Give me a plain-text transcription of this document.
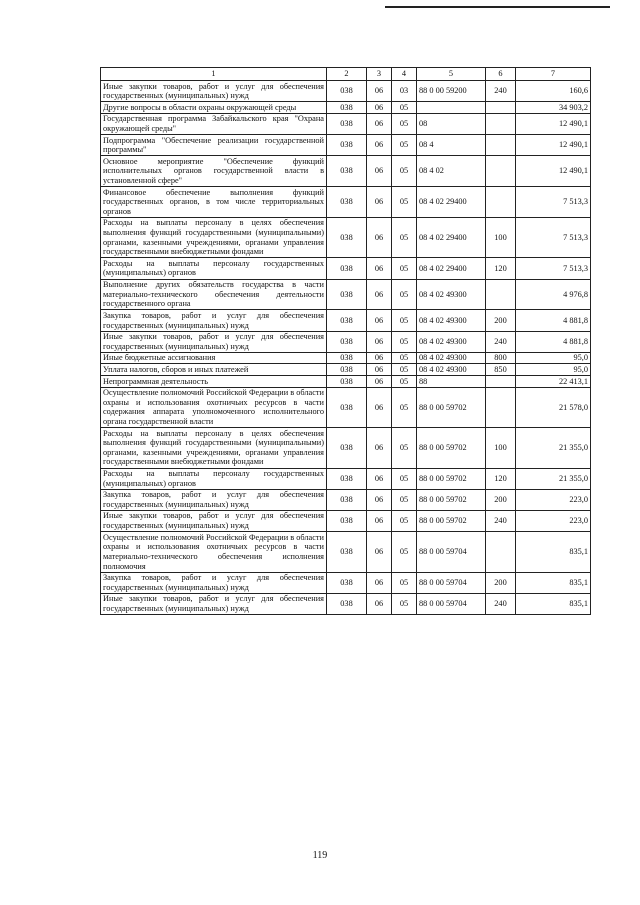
1	2	3	4	5	6	7
Иные закупки товаров, работ и услуг для обеспечения государственных (муниципальных) нужд	038	06	03	88 0 00 59200	240	160,6
Другие вопросы в области охраны окружающей среды	038	06	05			34 903,2
Государственная программа Забайкальского края "Охрана окружающей среды"	038	06	05	08		12 490,1
Подпрограмма "Обеспечение реализации государственной программы"	038	06	05	08 4		12 490,1
Основное мероприятие "Обеспечение функций исполнительных органов государственной власти в установленной сфере"	038	06	05	08 4 02		12 490,1
Финансовое обеспечение выполнения функций государственных органов, в том числе территориальных органов	038	06	05	08 4 02 29400		7 513,3
Расходы на выплаты персоналу в целях обеспечения выполнения функций государственными (муниципальными) органами, казенными учреждениями, органами управления государственными внебюджетными фондами	038	06	05	08 4 02 29400	100	7 513,3
Расходы на выплаты персоналу государственных (муниципальных) органов	038	06	05	08 4 02 29400	120	7 513,3
Выполнение других обязательств государства в части материально-технического обеспечения деятельности государственного органа	038	06	05	08 4 02 49300		4 976,8
Закупка товаров, работ и услуг для обеспечения государственных (муниципальных) нужд	038	06	05	08 4 02 49300	200	4 881,8
Иные закупки товаров, работ и услуг для обеспечения государственных (муниципальных) нужд	038	06	05	08 4 02 49300	240	4 881,8
Иные бюджетные ассигнования	038	06	05	08 4 02 49300	800	95,0
Уплата налогов, сборов и иных платежей	038	06	05	08 4 02 49300	850	95,0
Непрограммная деятельность	038	06	05	88		22 413,1
Осуществление полномочий Российской Федерации в области охраны и использования охотничьих ресурсов в части содержания аппарата уполномоченного исполнительного органа государственной власти	038	06	05	88 0 00 59702		21 578,0
Расходы на выплаты персоналу в целях обеспечения выполнения функций государственными (муниципальными) органами, казенными учреждениями, органами управления государственными внебюджетными фондами	038	06	05	88 0 00 59702	100	21 355,0
Расходы на выплаты персоналу государственных (муниципальных) органов	038	06	05	88 0 00 59702	120	21 355,0
Закупка товаров, работ и услуг для обеспечения государственных (муниципальных) нужд	038	06	05	88 0 00 59702	200	223,0
Иные закупки товаров, работ и услуг для обеспечения государственных (муниципальных) нужд	038	06	05	88 0 00 59702	240	223,0
Осуществление полномочий Российской Федерации в области охраны и использования охотничьих ресурсов в части материально-технического обеспечения исполнения полномочия	038	06	05	88 0 00 59704		835,1
Закупка товаров, работ и услуг для обеспечения государственных (муниципальных) нужд	038	06	05	88 0 00 59704	200	835,1
Иные закупки товаров, работ и услуг для обеспечения государственных (муниципальных) нужд	038	06	05	88 0 00 59704	240	835,1
119
